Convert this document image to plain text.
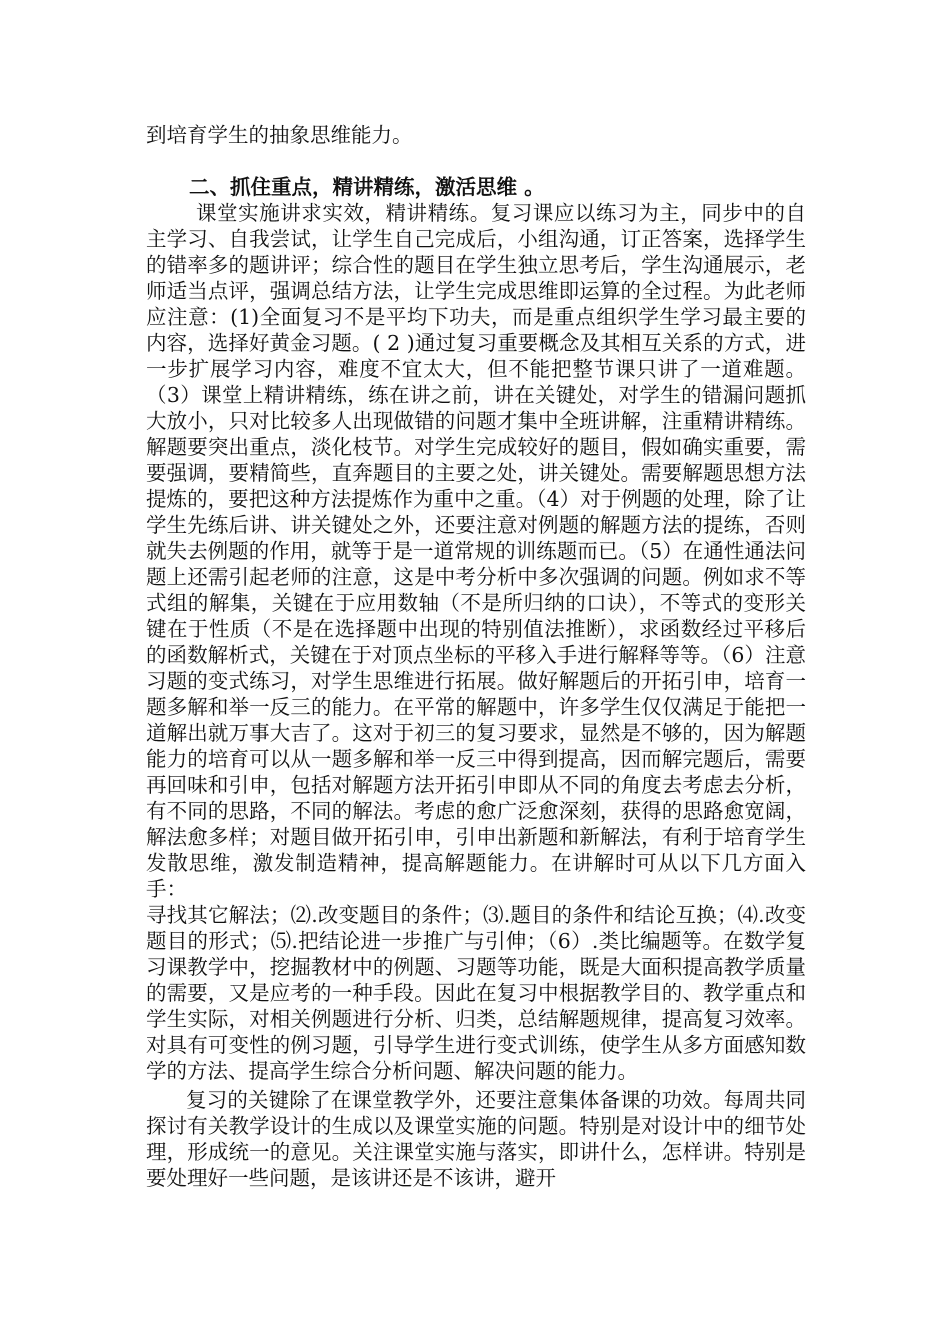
到培育学生的抽象思维能力。

二、抓住重点，精讲精练，激活思维 。

课堂实施讲求实效，精讲精练。复习课应以练习为主，同步中的自主学习、自我尝试，让学生自己完成后，小组沟通，订正答案，选择学生的错率多的题讲评；综合性的题目在学生独立思考后，学生沟通展示，老师适当点评，强调总结方法，让学生完成思维即运算的全过程。为此老师应注意：(1)全面复习不是平均下功夫，而是重点组织学生学习最主要的内容，选择好黄金习题。( 2 )通过复习重要概念及其相互关系的方式，进一步扩展学习内容，难度不宜太大，但不能把整节课只讲了一道难题。（3）课堂上精讲精练，练在讲之前，讲在关键处，对学生的错漏问题抓大放小，只对比较多人出现做错的问题才集中全班讲解，注重精讲精练。解题要突出重点，淡化枝节。对学生完成较好的题目，假如确实重要，需要强调，要精简些，直奔题目的主要之处，讲关键处。需要解题思想方法提炼的，要把这种方法提炼作为重中之重。（4）对于例题的处理，除了让学生先练后讲、讲关键处之外，还要注意对例题的解题方法的提练，否则就失去例题的作用，就等于是一道常规的训练题而已。（5）在通性通法问题上还需引起老师的注意，这是中考分析中多次强调的问题。例如求不等式组的解集，关键在于应用数轴（不是所归纳的口诀），不等式的变形关键在于性质（不是在选择题中出现的特别值法推断），求函数经过平移后的函数解析式，关键在于对顶点坐标的平移入手进行解释等等。（6）注意习题的变式练习，对学生思维进行拓展。做好解题后的开拓引申，培育一题多解和举一反三的能力。在平常的解题中，许多学生仅仅满足于能把一道解出就万事大吉了。这对于初三的复习要求，显然是不够的，因为解题能力的培育可以从一题多解和举一反三中得到提高，因而解完题后，需要再回味和引申，包括对解题方法开拓引申即从不同的角度去考虑去分析，有不同的思路，不同的解法。考虑的愈广泛愈深刻，获得的思路愈宽阔，解法愈多样；对题目做开拓引申，引申出新题和新解法，有利于培育学生发散思维，激发制造精神，提高解题能力。在讲解时可从以下几方面入手：

寻找其它解法；⑵.改变题目的条件；⑶.题目的条件和结论互换；⑷.改变题目的形式；⑸.把结论进一步推广与引伸；（6）.类比编题等。在数学复习课教学中，挖掘教材中的例题、习题等功能，既是大面积提高教学质量的需要，又是应考的一种手段。因此在复习中根据教学目的、教学重点和学生实际，对相关例题进行分析、归类，总结解题规律，提高复习效率。对具有可变性的例习题，引导学生进行变式训练，使学生从多方面感知数学的方法、提高学生综合分析问题、解决问题的能力。

复习的关键除了在课堂教学外，还要注意集体备课的功效。每周共同探讨有关教学设计的生成以及课堂实施的问题。特别是对设计中的细节处理，形成统一的意见。关注课堂实施与落实，即讲什么，怎样讲。特别是要处理好一些问题，是该讲还是不该讲，避开
